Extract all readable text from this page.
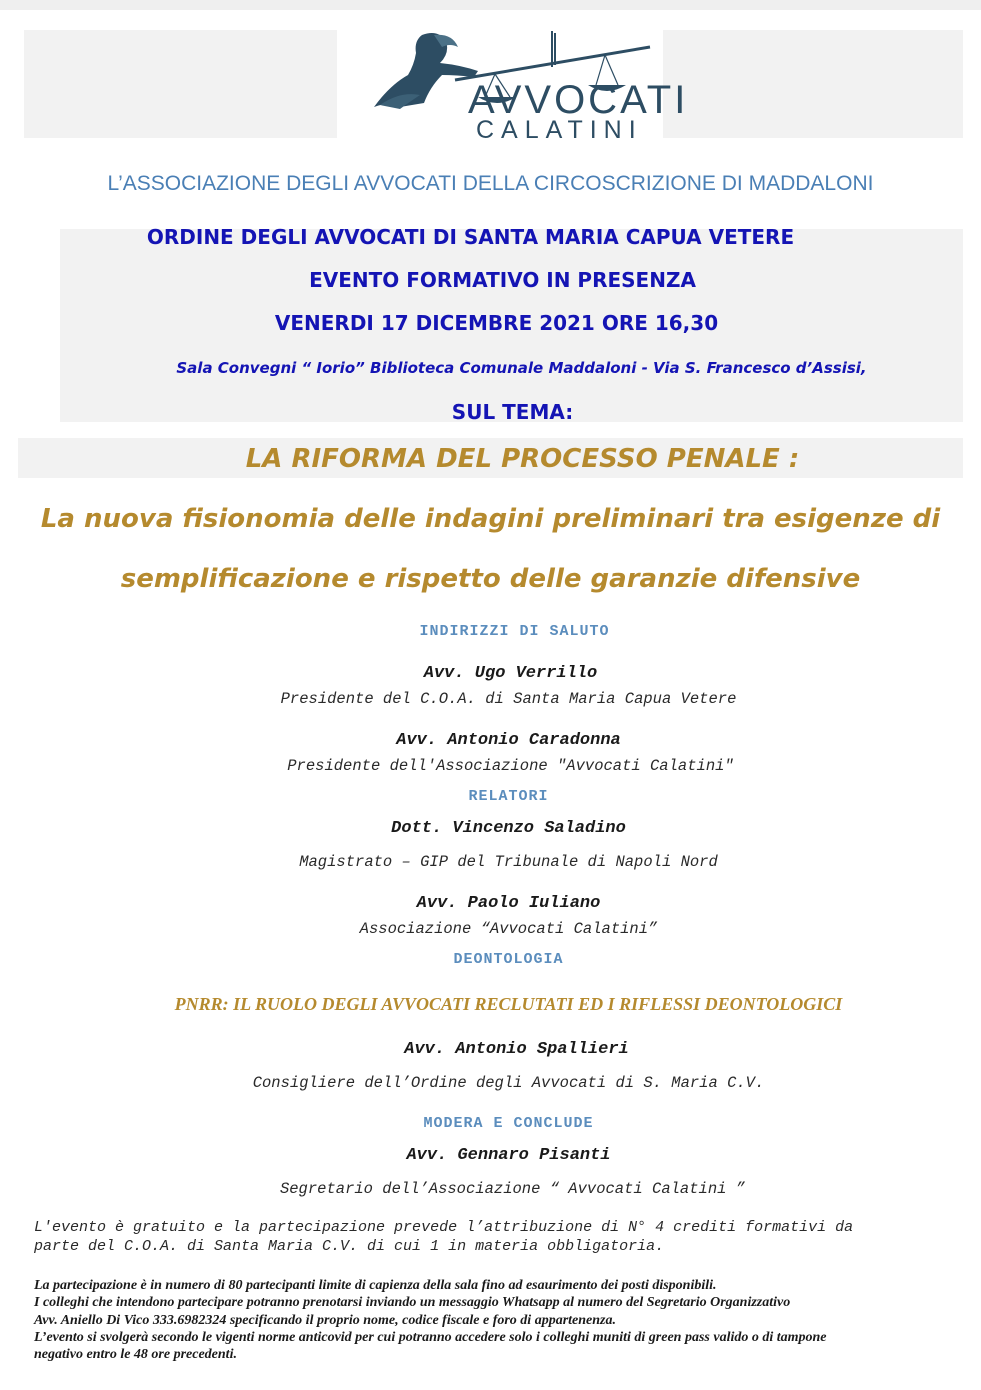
AVVOCATI
CALATINI
L’ASSOCIAZIONE DEGLI AVVOCATI DELLA CIRCOSCRIZIONE DI MADDALONI
ORDINE DEGLI AVVOCATI DI SANTA MARIA CAPUA VETERE
EVENTO FORMATIVO IN PRESENZA
VENERDI 17 DICEMBRE 2021 ORE 16,30
Sala Convegni “ Iorio” Biblioteca Comunale Maddaloni - Via S. Francesco d’Assisi,
SUL TEMA:
LA RIFORMA DEL PROCESSO PENALE :
La nuova fisionomia delle indagini preliminari tra esigenze di
semplificazione e rispetto delle garanzie difensive
INDIRIZZI DI SALUTO
Avv. Ugo Verrillo
Presidente del C.O.A. di Santa Maria Capua Vetere
Avv. Antonio Caradonna
Presidente dell'Associazione "Avvocati Calatini"
RELATORI
Dott. Vincenzo Saladino
Magistrato – GIP del Tribunale di Napoli Nord
Avv. Paolo Iuliano
Associazione “Avvocati Calatini”
DEONTOLOGIA
PNRR: IL RUOLO DEGLI AVVOCATI RECLUTATI ED I RIFLESSI DEONTOLOGICI
Avv. Antonio Spallieri
Consigliere dell’Ordine degli Avvocati di S. Maria C.V.
MODERA E CONCLUDE
Avv. Gennaro Pisanti
Segretario dell’Associazione “ Avvocati Calatini ”
L'evento è gratuito e la partecipazione prevede l’attribuzione di N° 4 crediti formativi da
parte del C.O.A. di Santa Maria C.V. di cui 1 in materia obbligatoria.
La partecipazione è in numero di 80 partecipanti limite di capienza della sala fino ad esaurimento dei posti disponibili.
I colleghi che intendono partecipare potranno prenotarsi inviando un messaggio Whatsapp al numero del Segretario Organizzativo
Avv. Aniello Di Vico 333.6982324 specificando il proprio nome, codice fiscale e foro di appartenenza.
L’evento si svolgerà secondo le vigenti norme anticovid per cui potranno accedere solo i colleghi muniti di green pass valido o di tampone
negativo entro le 48 ore precedenti.
